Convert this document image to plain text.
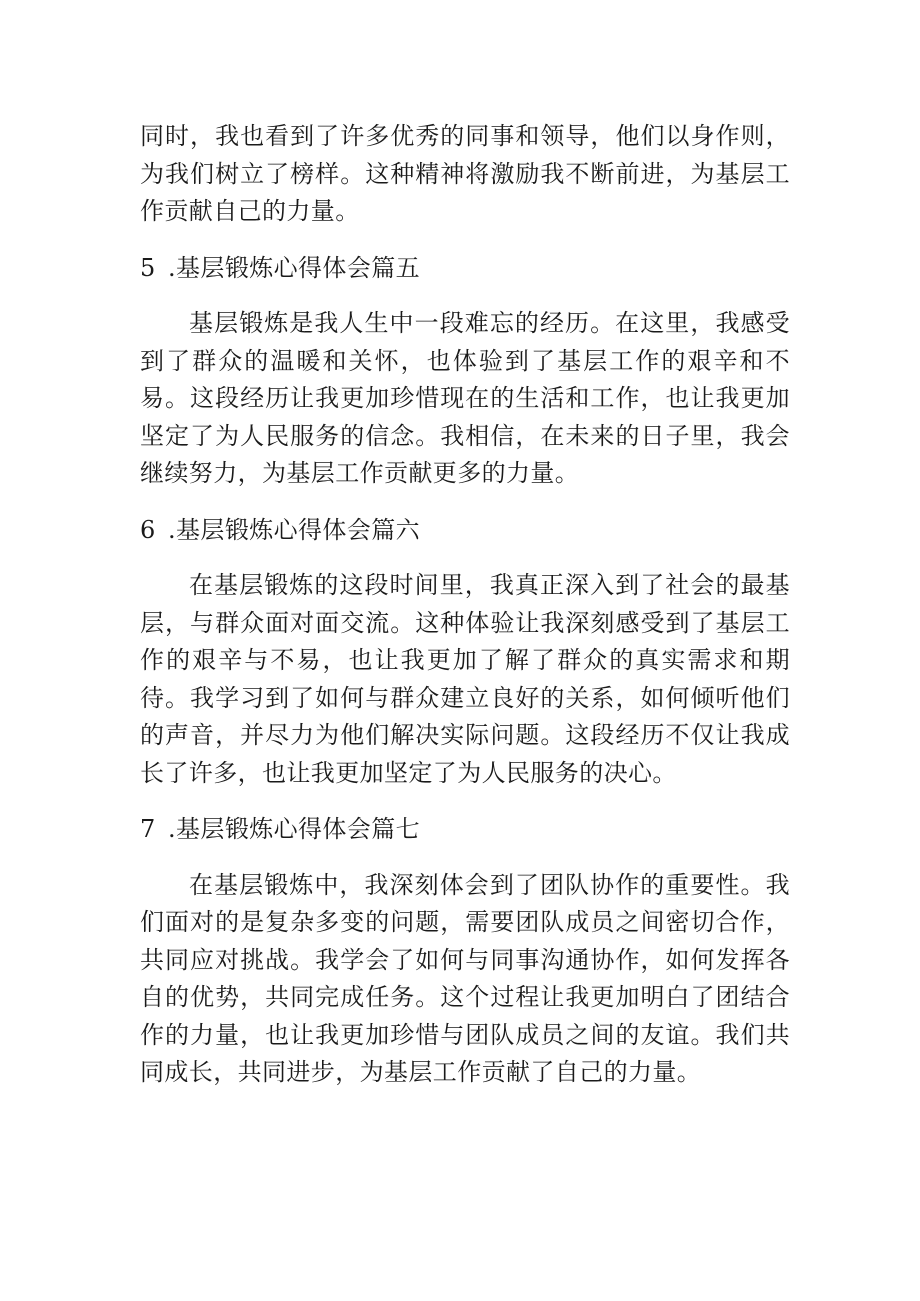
同时，我也看到了许多优秀的同事和领导，他们以身作则，为我们树立了榜样。这种精神将激励我不断前进，为基层工作贡献自己的力量。

5 .基层锻炼心得体会篇五

基层锻炼是我人生中一段难忘的经历。在这里，我感受到了群众的温暖和关怀，也体验到了基层工作的艰辛和不易。这段经历让我更加珍惜现在的生活和工作，也让我更加坚定了为人民服务的信念。我相信，在未来的日子里，我会继续努力，为基层工作贡献更多的力量。

6 .基层锻炼心得体会篇六

在基层锻炼的这段时间里，我真正深入到了社会的最基层，与群众面对面交流。这种体验让我深刻感受到了基层工作的艰辛与不易，也让我更加了解了群众的真实需求和期待。我学习到了如何与群众建立良好的关系，如何倾听他们的声音，并尽力为他们解决实际问题。这段经历不仅让我成长了许多，也让我更加坚定了为人民服务的决心。

7 .基层锻炼心得体会篇七

在基层锻炼中，我深刻体会到了团队协作的重要性。我们面对的是复杂多变的问题，需要团队成员之间密切合作，共同应对挑战。我学会了如何与同事沟通协作，如何发挥各自的优势，共同完成任务。这个过程让我更加明白了团结合作的力量，也让我更加珍惜与团队成员之间的友谊。我们共同成长，共同进步，为基层工作贡献了自己的力量。
